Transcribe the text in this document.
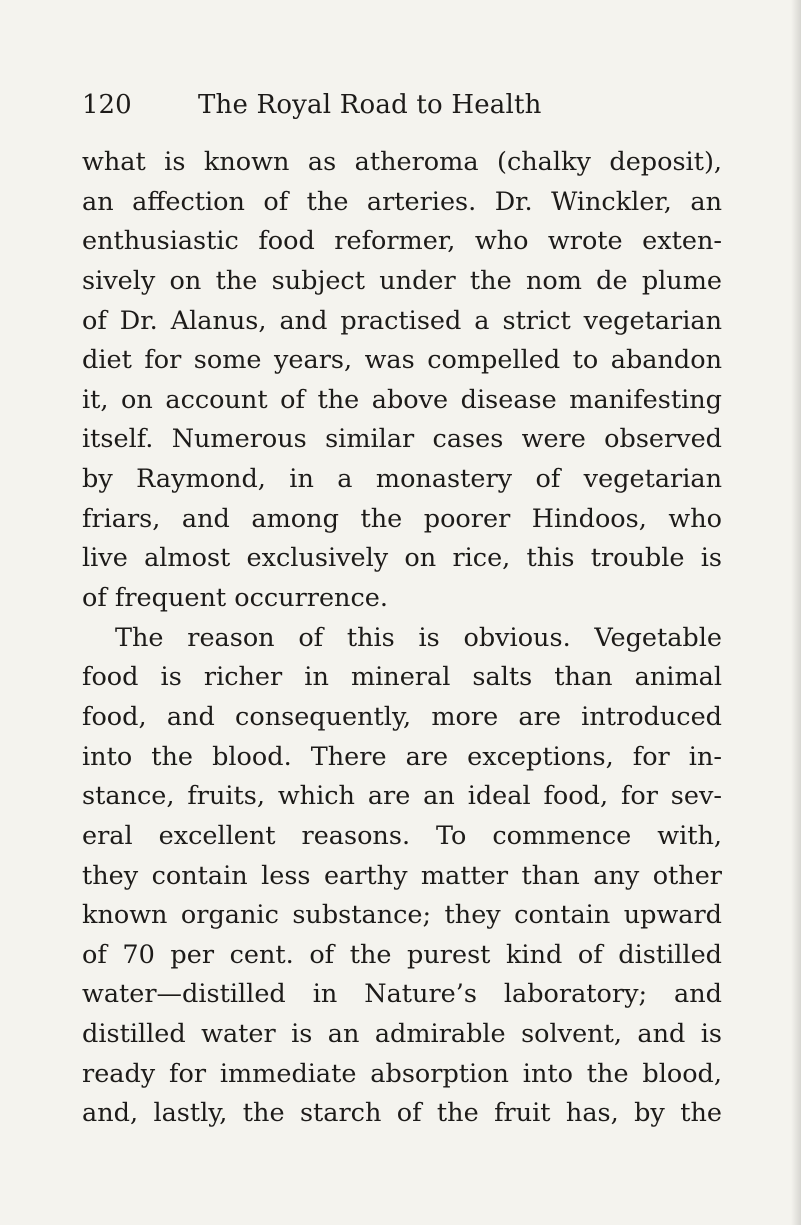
120	The Royal Road to Health
what is known as atheroma (chalky deposit),
an affection of the arteries. Dr. Winckler, an
enthusiastic food reformer, who wrote exten-
sively on the subject under the nom de plume
of Dr. Alanus, and practised a strict vegetarian
diet for some years, was compelled to abandon
it, on account of the above disease manifesting
itself. Numerous similar cases were observed
by Raymond, in a monastery of vegetarian
friars, and among the poorer Hindoos, who
live almost exclusively on rice, this trouble is
of frequent occurrence.
The reason of this is obvious. Vegetable
food is richer in mineral salts than animal
food, and consequently, more are introduced
into the blood. There are exceptions, for in-
stance, fruits, which are an ideal food, for sev-
eral excellent reasons. To commence with,
they contain less earthy matter than any other
known organic substance; they contain upward
of 70 per cent. of the purest kind of distilled
water—distilled in Nature’s laboratory; and
distilled water is an admirable solvent, and is
ready for immediate absorption into the blood,
and, lastly, the starch of the fruit has, by the
